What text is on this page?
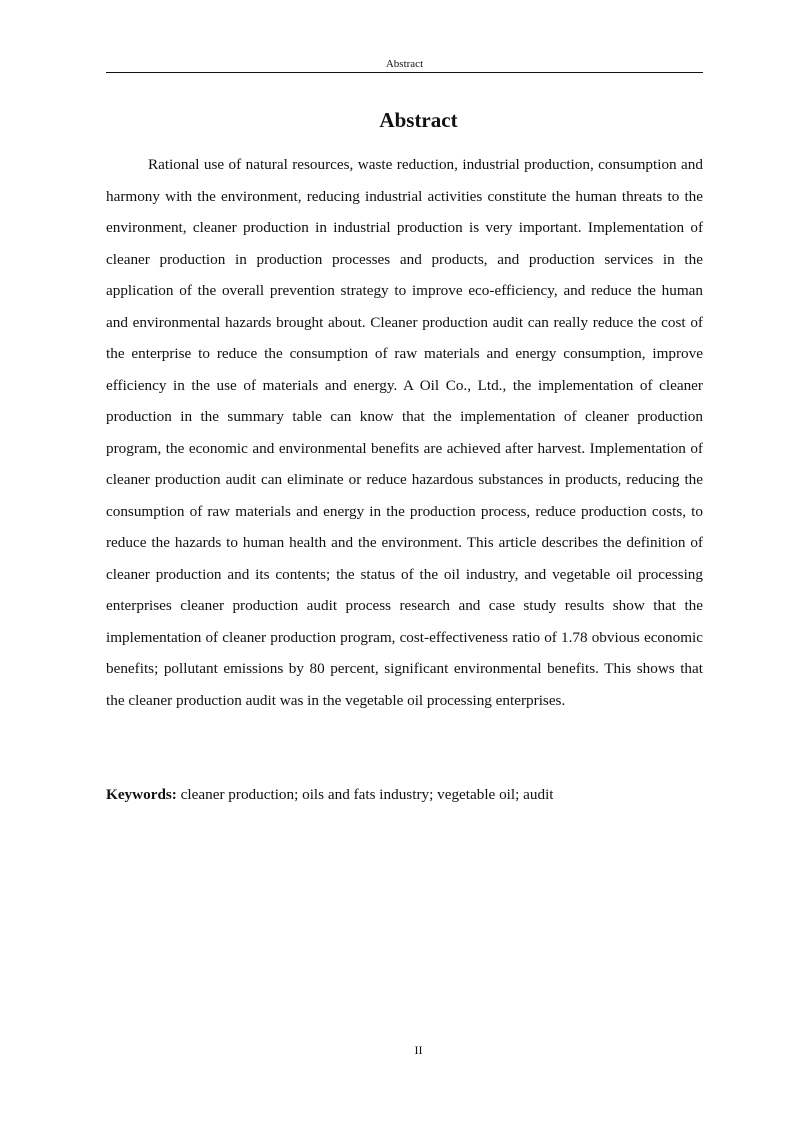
Abstract
Abstract

Rational use of natural resources, waste reduction, industrial production, consumption and harmony with the environment, reducing industrial activities constitute the human threats to the environment, cleaner production in industrial production is very important. Implementation of cleaner production in production processes and products, and production services in the application of the overall prevention strategy to improve eco-efficiency, and reduce the human and environmental hazards brought about. Cleaner production audit can really reduce the cost of the enterprise to reduce the consumption of raw materials and energy consumption, improve efficiency in the use of materials and energy. A Oil Co., Ltd., the implementation of cleaner production in the summary table can know that the implementation of cleaner production program, the economic and environmental benefits are achieved after harvest. Implementation of cleaner production audit can eliminate or reduce hazardous substances in products, reducing the consumption of raw materials and energy in the production process, reduce production costs, to reduce the hazards to human health and the environment. This article describes the definition of cleaner production and its contents; the status of the oil industry, and vegetable oil processing enterprises cleaner production audit process research and case study results show that the implementation of cleaner production program, cost-effectiveness ratio of 1.78 obvious economic benefits; pollutant emissions by 80 percent, significant environmental benefits. This shows that the cleaner production audit was in the vegetable oil processing enterprises.

Keywords: cleaner production; oils and fats industry; vegetable oil; audit

II
